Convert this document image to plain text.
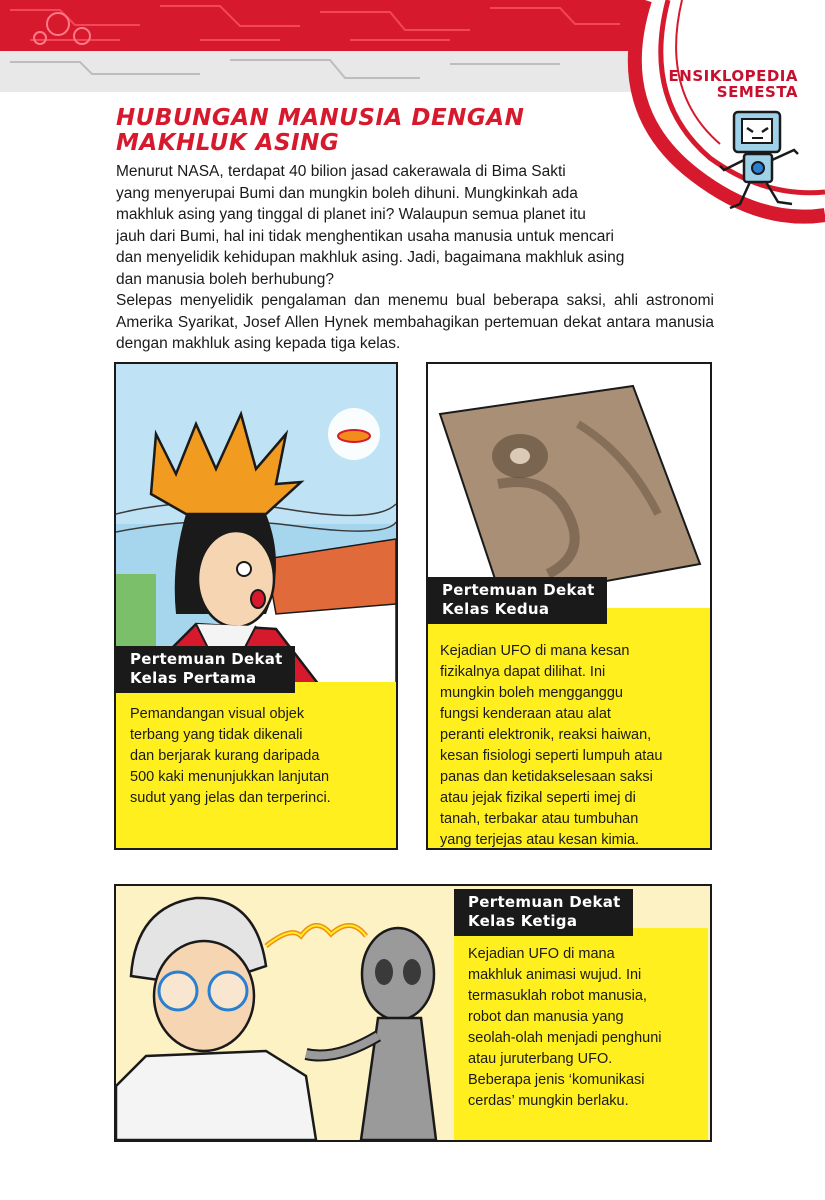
ENSIKLOPEDIA
SEMESTA
HUBUNGAN MANUSIA DENGAN
MAKHLUK ASING
Menurut NASA, terdapat 40 bilion jasad cakerawala di Bima Sakti
yang menyerupai Bumi dan mungkin boleh dihuni. Mungkinkah ada
makhluk asing yang tinggal di planet ini? Walaupun semua planet itu
jauh dari Bumi, hal ini tidak menghentikan usaha manusia untuk mencari
dan menyelidik kehidupan makhluk asing. Jadi, bagaimana makhluk asing
dan manusia boleh berhubung?
Selepas menyelidik pengalaman dan menemu bual beberapa saksi, ahli astronomi Amerika Syarikat, Josef Allen Hynek membahagikan pertemuan dekat antara manusia dengan makhluk asing kepada tiga kelas.
Pemandangan visual objek
terbang yang tidak dikenali
dan berjarak kurang daripada
500 kaki menunjukkan lanjutan
sudut yang jelas dan terperinci.
Pertemuan Dekat
Kelas Pertama
Kejadian UFO di mana kesan
fizikalnya dapat dilihat. Ini
mungkin boleh mengganggu
fungsi kenderaan atau alat
peranti elektronik, reaksi haiwan,
kesan fisiologi seperti lumpuh atau
panas dan ketidakselesaan saksi
atau jejak fizikal seperti imej di
tanah, terbakar atau tumbuhan
yang terjejas atau kesan kimia.
Pertemuan Dekat
Kelas Kedua
Kejadian UFO di mana
makhluk animasi wujud. Ini
termasuklah robot manusia,
robot dan manusia yang
seolah-olah menjadi penghuni
atau juruterbang UFO.
Beberapa jenis ‘komunikasi
cerdas’ mungkin berlaku.
Pertemuan Dekat
Kelas Ketiga
